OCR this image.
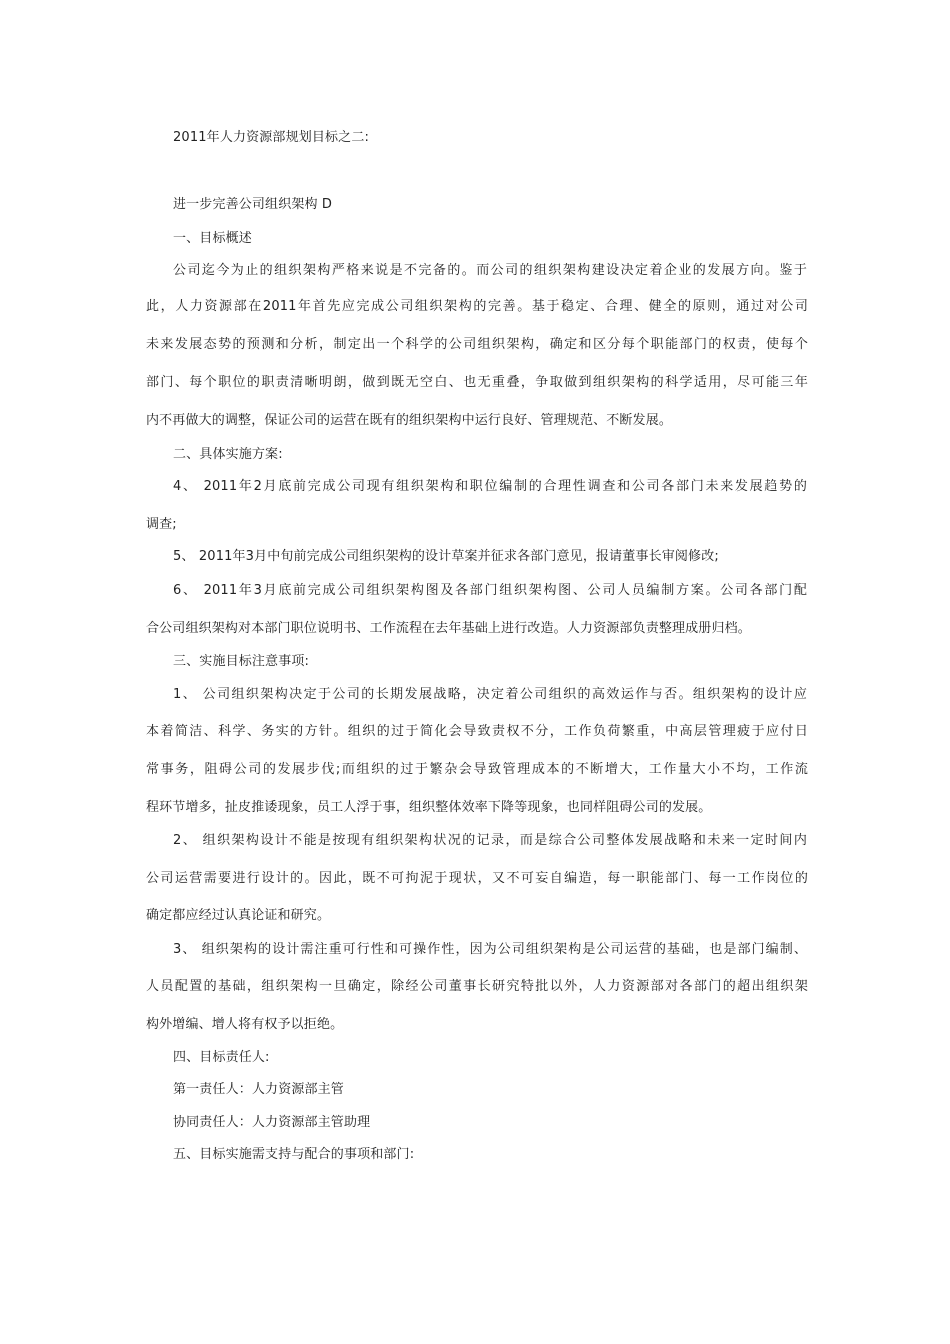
2011年人力资源部规划目标之二:
进一步完善公司组织架构 D
一、目标概述
公司迄今为止的组织架构严格来说是不完备的。而公司的组织架构建设决定着企业的发展方向。鉴于
此，人力资源部在2011年首先应完成公司组织架构的完善。基于稳定、合理、健全的原则，通过对公司
未来发展态势的预测和分析，制定出一个科学的公司组织架构，确定和区分每个职能部门的权责，使每个
部门、每个职位的职责清晰明朗，做到既无空白、也无重叠，争取做到组织架构的科学适用，尽可能三年
内不再做大的调整，保证公司的运营在既有的组织架构中运行良好、管理规范、不断发展。
二、具体实施方案:
4、 2011年2月底前完成公司现有组织架构和职位编制的合理性调查和公司各部门未来发展趋势的
调查;
5、 2011年3月中旬前完成公司组织架构的设计草案并征求各部门意见，报请董事长审阅修改;
6、 2011年3月底前完成公司组织架构图及各部门组织架构图、公司人员编制方案。公司各部门配
合公司组织架构对本部门职位说明书、工作流程在去年基础上进行改造。人力资源部负责整理成册归档。
三、实施目标注意事项:
1、 公司组织架构决定于公司的长期发展战略，决定着公司组织的高效运作与否。组织架构的设计应
本着简洁、科学、务实的方针。组织的过于简化会导致责权不分，工作负荷繁重，中高层管理疲于应付日
常事务，阻碍公司的发展步伐;而组织的过于繁杂会导致管理成本的不断增大，工作量大小不均，工作流
程环节增多，扯皮推诿现象，员工人浮于事，组织整体效率下降等现象，也同样阻碍公司的发展。
2、 组织架构设计不能是按现有组织架构状况的记录，而是综合公司整体发展战略和未来一定时间内
公司运营需要进行设计的。因此，既不可拘泥于现状，又不可妄自编造，每一职能部门、每一工作岗位的
确定都应经过认真论证和研究。
3、 组织架构的设计需注重可行性和可操作性，因为公司组织架构是公司运营的基础，也是部门编制、
人员配置的基础，组织架构一旦确定，除经公司董事长研究特批以外，人力资源部对各部门的超出组织架
构外增编、增人将有权予以拒绝。
四、目标责任人:
第一责任人：人力资源部主管
协同责任人：人力资源部主管助理
五、目标实施需支持与配合的事项和部门:
